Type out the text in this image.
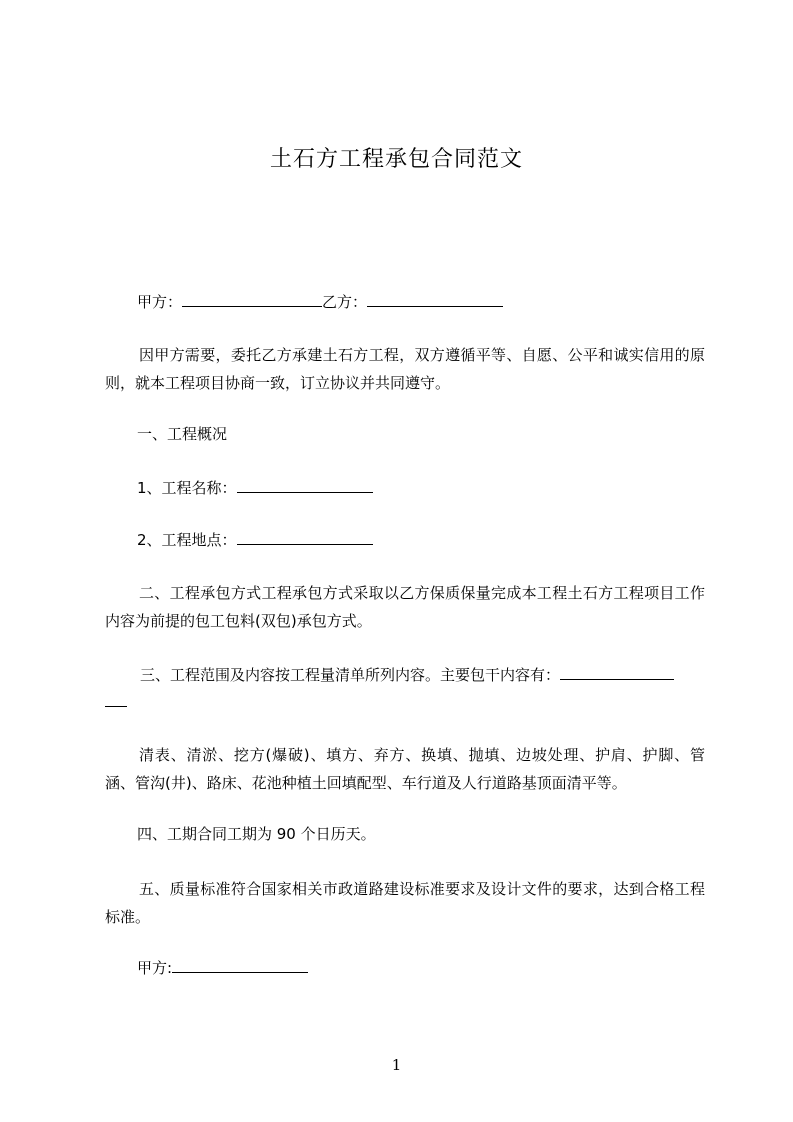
土石方工程承包合同范文
甲方：	乙方：
因甲方需要，委托乙方承建土石方工程，双方遵循平等、自愿、公平和诚实信用的原则，就本工程项目协商一致，订立协议并共同遵守。
一、工程概况
1、工程名称：
2、工程地点：
二、工程承包方式工程承包方式采取以乙方保质保量完成本工程土石方工程项目工作内容为前提的包工包料(双包)承包方式。
三、工程范围及内容按工程量清单所列内容。主要包干内容有：
清表、清淤、挖方(爆破)、填方、弃方、换填、抛填、边坡处理、护肩、护脚、管涵、管沟(井)、路床、花池种植土回填配型、车行道及人行道路基顶面清平等。
四、工期合同工期为 90 个日历天。
五、质量标准符合国家相关市政道路建设标准要求及设计文件的要求，达到合格工程标准。
甲方:
1
